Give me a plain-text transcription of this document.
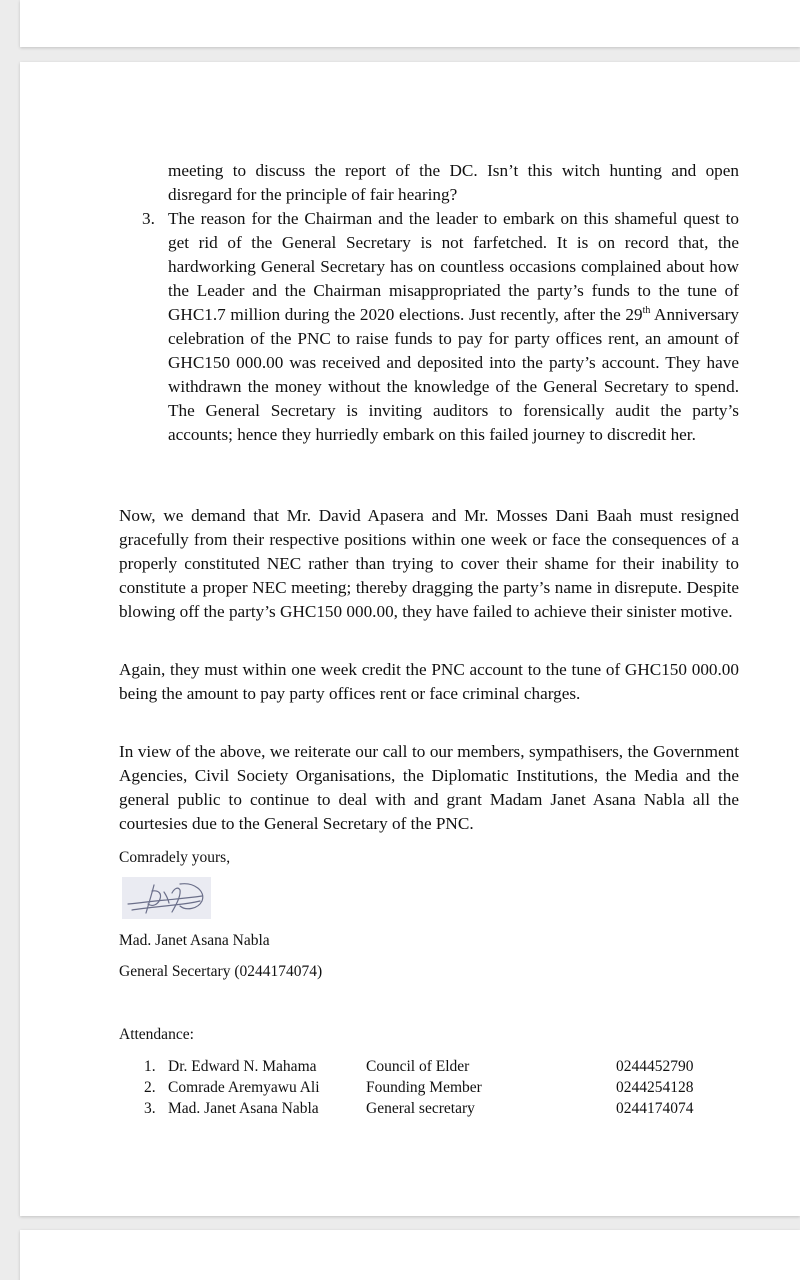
meeting to discuss the report of the DC. Isn’t this witch hunting and open disregard for the principle of fair hearing?

3. The reason for the Chairman and the leader to embark on this shameful quest to get rid of the General Secretary is not farfetched. It is on record that, the hardworking General Secretary has on countless occasions complained about how the Leader and the Chairman misappropriated the party’s funds to the tune of GHC1.7 million during the 2020 elections. Just recently, after the 29th Anniversary celebration of the PNC to raise funds to pay for party offices rent, an amount of GHC150 000.00 was received and deposited into the party’s account. They have withdrawn the money without the knowledge of the General Secretary to spend. The General Secretary is inviting auditors to forensically audit the party’s accounts; hence they hurriedly embark on this failed journey to discredit her.

Now, we demand that Mr. David Apasera and Mr. Mosses Dani Baah must resigned gracefully from their respective positions within one week or face the consequences of a properly constituted NEC rather than trying to cover their shame for their inability to constitute a proper NEC meeting; thereby dragging the party’s name in disrepute. Despite blowing off the party’s GHC150 000.00, they have failed to achieve their sinister motive.

Again, they must within one week credit the PNC account to the tune of GHC150 000.00 being the amount to pay party offices rent or face criminal charges.

In view of the above, we reiterate our call to our members, sympathisers, the Government Agencies, Civil Society Organisations, the Diplomatic Institutions, the Media and the general public to continue to deal with and grant Madam Janet Asana Nabla all the courtesies due to the General Secretary of the PNC.

Comradely yours,

Mad. Janet Asana Nabla

General Secertary (0244174074)

Attendance:

1. Dr. Edward N. Mahama	Council of Elder	0244452790
2. Comrade Aremyawu Ali	Founding Member	0244254128
3. Mad. Janet Asana Nabla	General secretary	0244174074
